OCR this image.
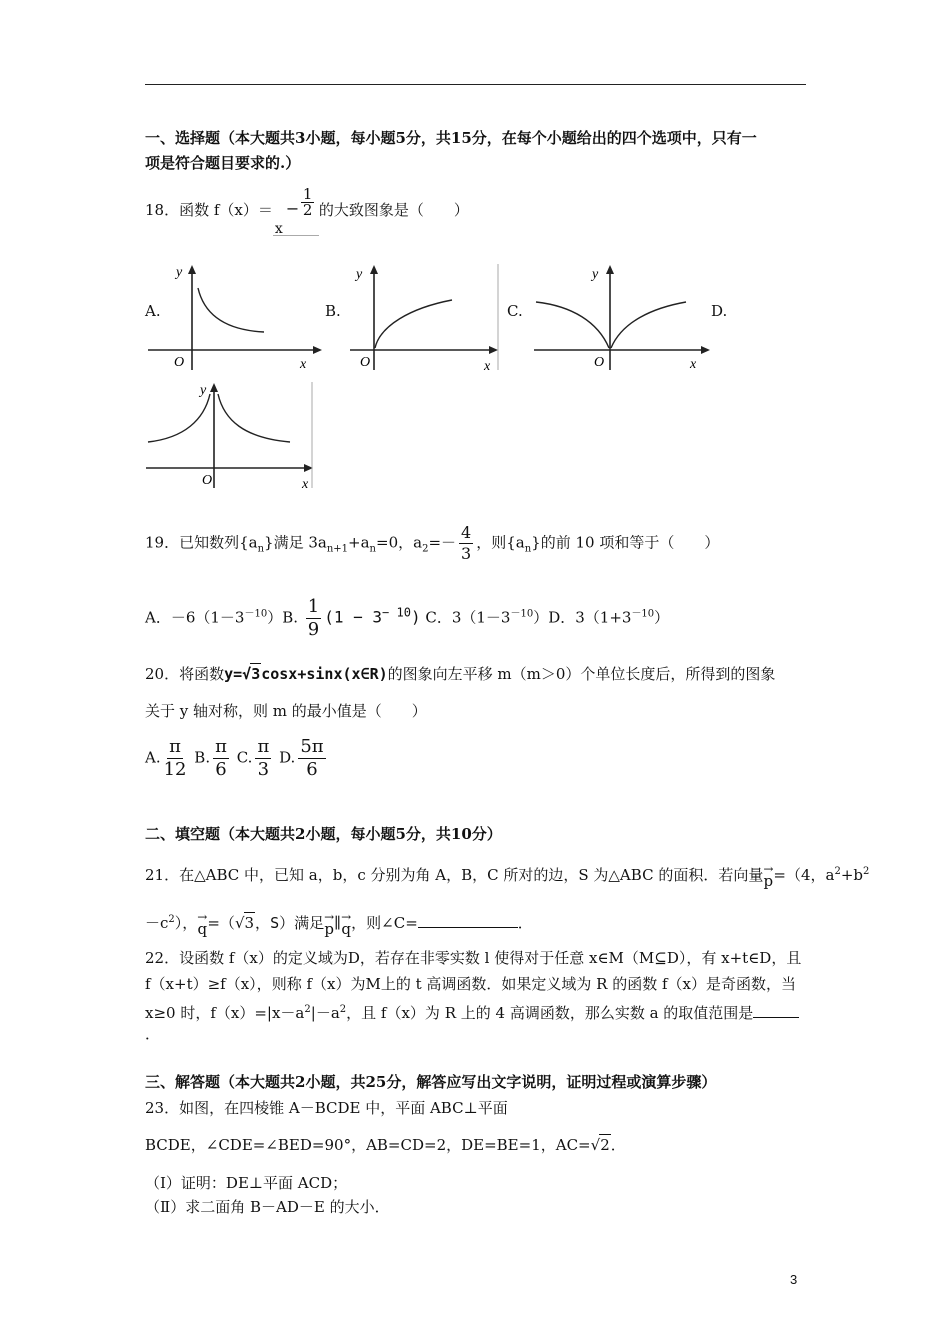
一、选择题（本大题共3小题，每小题5分，共15分，在每个小题给出的四个选项中，只有一
项是符合题目要求的.）
18．函数 f（x）＝
x
−
1
2 的大致图象是（　　）
A.	B.	C.	D.
y
O	x
y
O	x
y
O	x
y
O	x
19．已知数列$\{a_n\}$满足 $3a_{n+1}+a_n=0$，$a_2=- \frac{4}{3}$ ，则$\{a_n\}$的前 10 项和等于（　　）
A．$-6(1-3^{-10})B$. $\frac{1}{9} (1 - 3^{- 10})$ C．$3(1-3^{-10})D$．$3(1+3^{-10})$
20．将函数y=√3cosx+sinx(x∈R)的图象向左平移 m（m＞0）个单位长度后，所得到的图象
关于 y 轴对称，则 m 的最小值是（　　）
A. $\frac{\pi}{12} B$. $\frac{\pi}{6} C$. $\frac{\pi}{3} D$. $\frac{5\pi}{6}$
二、填空题（本大题共2小题，每小题5分，共10分）
21．在△ABC 中，已知 a，b，c 分别为角 A，B，C 所对的边，S 为△ABC 的面积．若向量 →
p =（4，$a^2+b^2$
$-c^2$）， →
q =（√3，S）满足 →
p ∥ →
q ，则∠C=	．
22．设函数 f（x）的定义域为D，若存在非零实数 l 使得对于任意 x∈M（M⊆D），有 x+t∈D，且
f（x+t）≥f（x），则称 f（x）为M上的 t 高调函数．如果定义域为 R 的函数 f（x）是奇函数，当
x≥0 时，$f(x)=|x-a^2|-a^2$，且 f（x）为 R 上的 4 高调函数，那么实数 a 的取值范围是
．
三、解答题（本大题共2小题，共25分，解答应写出文字说明，证明过程或演算步骤）
23．如图，在四棱锥 A－BCDE 中，平面 ABC⊥平面
BCDE，∠CDE=∠BED=90°，AB=CD=2，DE=BE=1，AC=√2．
（Ⅰ）证明：DE⊥平面 ACD；
（Ⅱ）求二面角 B－AD－E 的大小．
3
